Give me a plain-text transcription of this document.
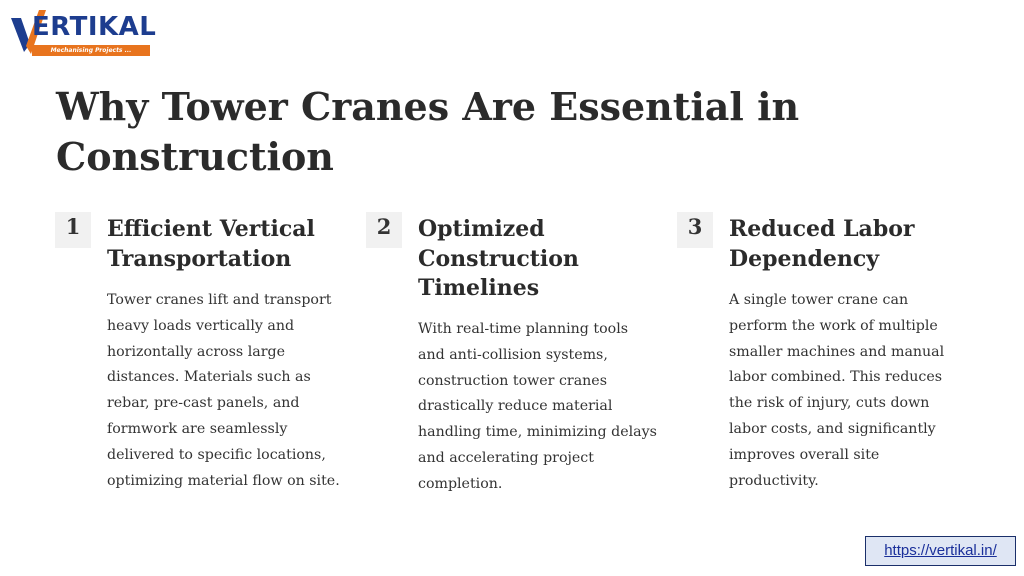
ERTIKAL
Mechanising Projects ...
Why Tower Cranes Are Essential in Construction
1	Efficient Vertical Transportation

Tower cranes lift and transport heavy loads vertically and horizontally across large distances. Materials such as rebar, pre-cast panels, and formwork are seamlessly delivered to specific locations, optimizing material flow on site.

2	Optimized Construction Timelines

With real-time planning tools and anti-collision systems, construction tower cranes drastically reduce material handling time, minimizing delays and accelerating project completion.

3	Reduced Labor Dependency

A single tower crane can perform the work of multiple smaller machines and manual labor combined. This reduces the risk of injury, cuts down labor costs, and significantly improves overall site productivity.

https://vertikal.in/
